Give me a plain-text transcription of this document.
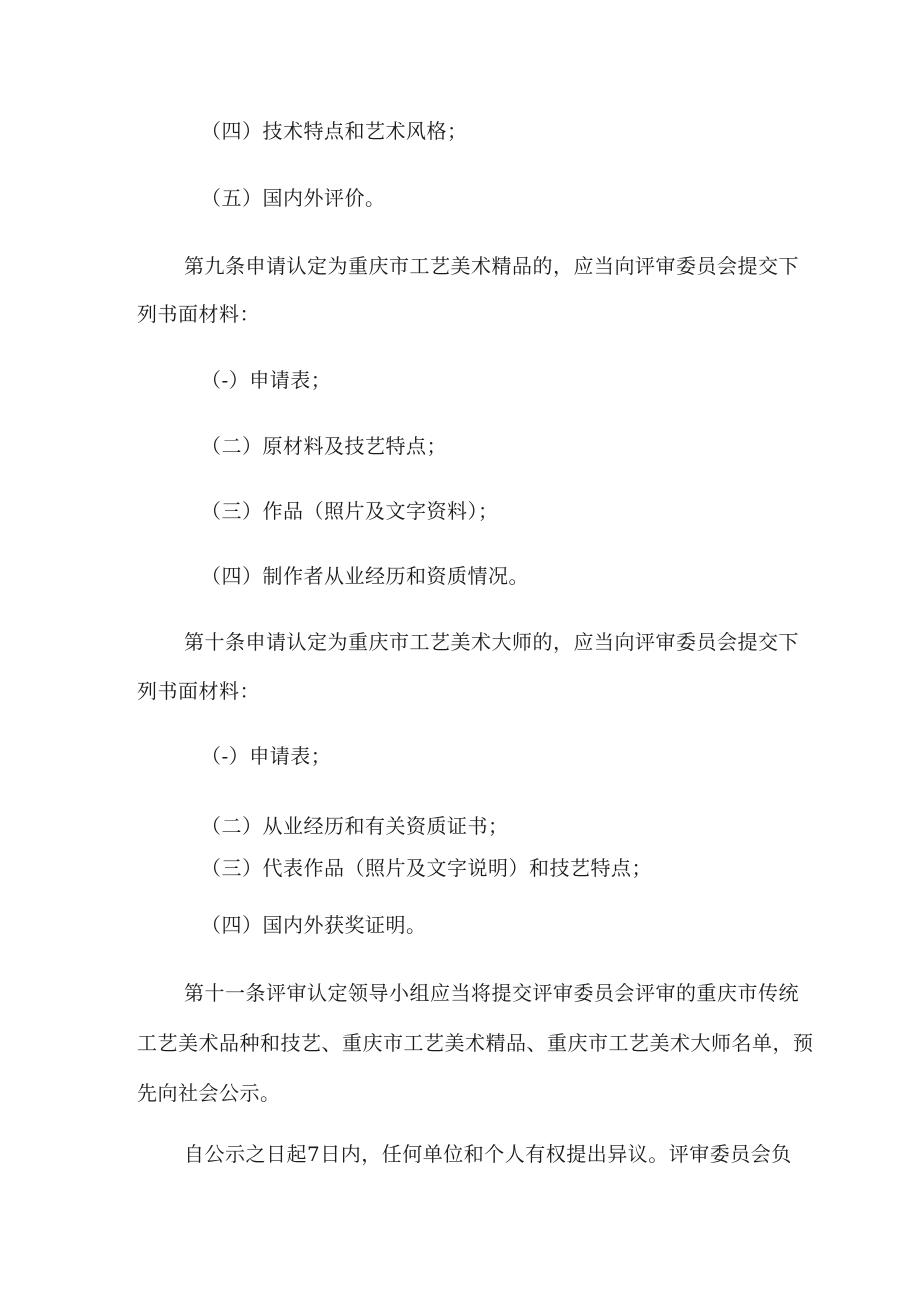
（四）技术特点和艺术风格；
（五）国内外评价。
第九条申请认定为重庆市工艺美术精品的，应当向评审委员会提交下
列书面材料：
（-）申请表；
（二）原材料及技艺特点；
（三）作品（照片及文字资料）；
（四）制作者从业经历和资质情况。
第十条申请认定为重庆市工艺美术大师的，应当向评审委员会提交下
列书面材料：
（-）申请表；
（二）从业经历和有关资质证书；
（三）代表作品（照片及文字说明）和技艺特点；
（四）国内外获奖证明。
第十一条评审认定领导小组应当将提交评审委员会评审的重庆市传统
工艺美术品种和技艺、重庆市工艺美术精品、重庆市工艺美术大师名单，预
先向社会公示。
自公示之日起7日内，任何单位和个人有权提出异议。评审委员会负
